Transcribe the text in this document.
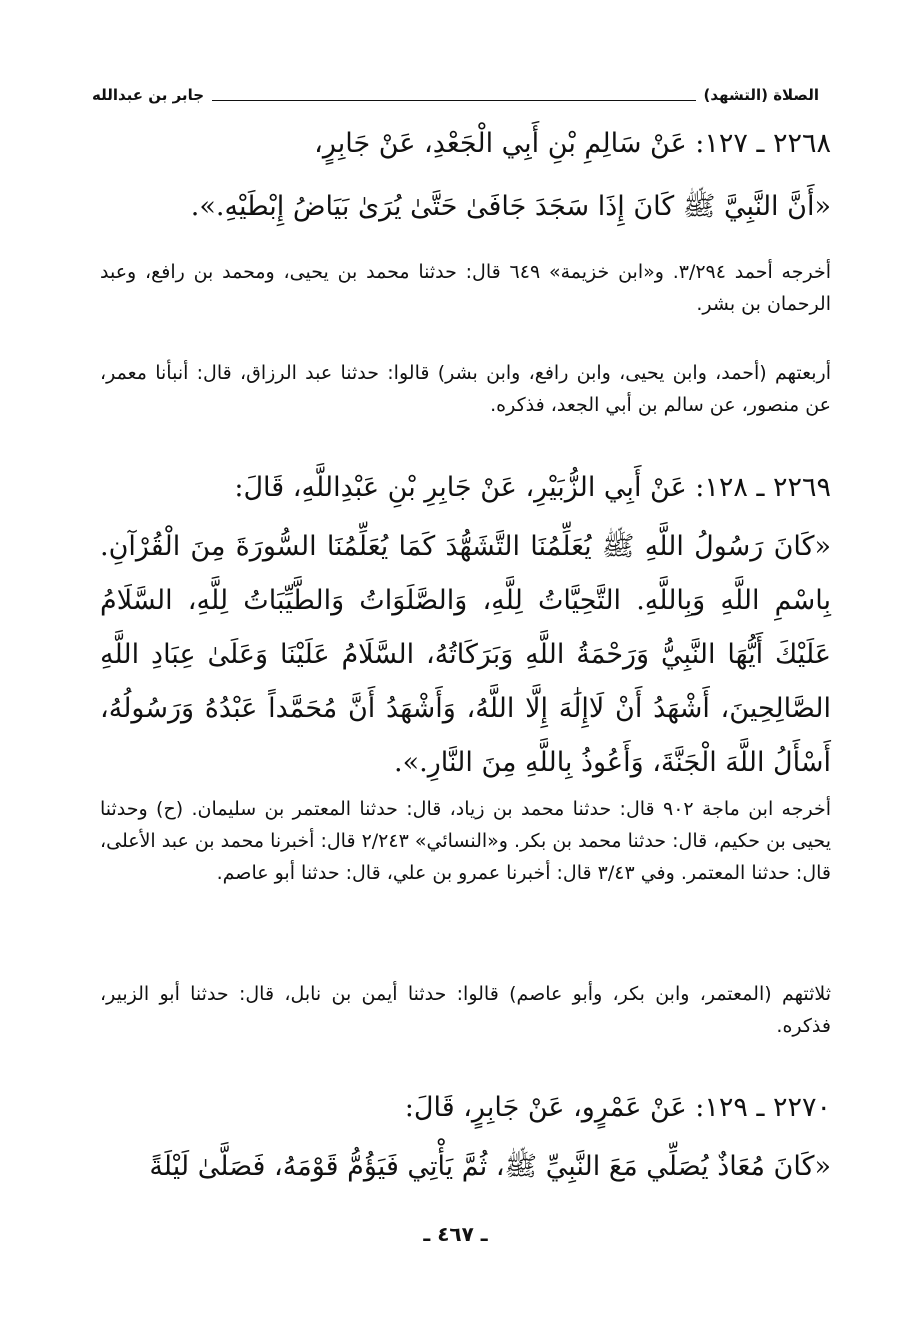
الصلاة (التشهد)
جابر بن عبدالله
٢٢٦٨ ـ ١٢٧: عَنْ سَالِمِ بْنِ أَبِي الْجَعْدِ، عَنْ جَابِرٍ،
«أَنَّ النَّبِيَّ ﷺ كَانَ إِذَا سَجَدَ جَافَىٰ حَتَّىٰ يُرَىٰ بَيَاضُ إِبْطَيْهِ.».
أخرجه أحمد ٣/٢٩٤. و«ابن خزيمة» ٦٤٩ قال: حدثنا محمد بن يحيى، ومحمد بن رافع، وعبد الرحمان بن بشر.
أربعتهم (أحمد، وابن يحيى، وابن رافع، وابن بشر) قالوا: حدثنا عبد الرزاق، قال: أنبأنا معمر، عن منصور، عن سالم بن أبي الجعد، فذكره.
٢٢٦٩ ـ ١٢٨: عَنْ أَبِي الزُّبَيْرِ، عَنْ جَابِرِ بْنِ عَبْدِاللَّهِ، قَالَ:
«كَانَ رَسُولُ اللَّهِ ﷺ يُعَلِّمُنَا التَّشَهُّدَ كَمَا يُعَلِّمُنَا السُّورَةَ مِنَ الْقُرْآنِ. بِاسْمِ اللَّهِ وَبِاللَّهِ. التَّحِيَّاتُ لِلَّهِ، وَالصَّلَوَاتُ وَالطَّيِّبَاتُ لِلَّهِ، السَّلَامُ عَلَيْكَ أَيُّهَا النَّبِيُّ وَرَحْمَةُ اللَّهِ وَبَرَكَاتُهُ، السَّلَامُ عَلَيْنَا وَعَلَىٰ عِبَادِ اللَّهِ الصَّالِحِينَ، أَشْهَدُ أَنْ لَاإِلَٰهَ إِلَّا اللَّهُ، وَأَشْهَدُ أَنَّ مُحَمَّداً عَبْدُهُ وَرَسُولُهُ، أَسْأَلُ اللَّهَ الْجَنَّةَ، وَأَعُوذُ بِاللَّهِ مِنَ النَّارِ.».
أخرجه ابن ماجة ٩٠٢ قال: حدثنا محمد بن زياد، قال: حدثنا المعتمر بن سليمان. (ح) وحدثنا يحيى بن حكيم، قال: حدثنا محمد بن بكر. و«النسائي» ٢/٢٤٣ قال: أخبرنا محمد بن عبد الأعلى، قال: حدثنا المعتمر. وفي ٣/٤٣ قال: أخبرنا عمرو بن علي، قال: حدثنا أبو عاصم.
ثلاثتهم (المعتمر، وابن بكر، وأبو عاصم) قالوا: حدثنا أيمن بن نابل، قال: حدثنا أبو الزبير، فذكره.
٢٢٧٠ ـ ١٢٩: عَنْ عَمْرٍو، عَنْ جَابِرٍ، قَالَ:
«كَانَ مُعَاذٌ يُصَلِّي مَعَ النَّبِيِّ ﷺ، ثُمَّ يَأْتِي فَيَؤُمُّ قَوْمَهُ، فَصَلَّىٰ لَيْلَةً
ـ ٤٦٧ ـ
